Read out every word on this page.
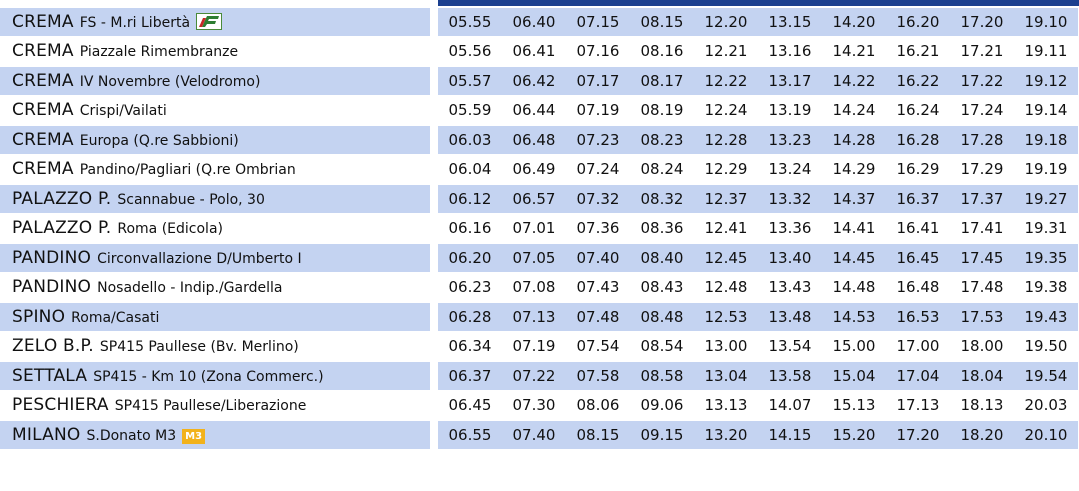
CREMA FS - M.ri Libertà		05.55	06.40	07.15	08.15	12.20	13.15	14.20	16.20	17.20	19.10
CREMA Piazzale Rimembranze		05.56	06.41	07.16	08.16	12.21	13.16	14.21	16.21	17.21	19.11
CREMA IV Novembre (Velodromo)		05.57	06.42	07.17	08.17	12.22	13.17	14.22	16.22	17.22	19.12
CREMA Crispi/Vailati		05.59	06.44	07.19	08.19	12.24	13.19	14.24	16.24	17.24	19.14
CREMA Europa (Q.re Sabbioni)		06.03	06.48	07.23	08.23	12.28	13.23	14.28	16.28	17.28	19.18
CREMA Pandino/Pagliari (Q.re Ombrian		06.04	06.49	07.24	08.24	12.29	13.24	14.29	16.29	17.29	19.19
PALAZZO P. Scannabue - Polo, 30		06.12	06.57	07.32	08.32	12.37	13.32	14.37	16.37	17.37	19.27
PALAZZO P. Roma (Edicola)		06.16	07.01	07.36	08.36	12.41	13.36	14.41	16.41	17.41	19.31
PANDINO Circonvallazione D/Umberto I		06.20	07.05	07.40	08.40	12.45	13.40	14.45	16.45	17.45	19.35
PANDINO Nosadello - Indip./Gardella		06.23	07.08	07.43	08.43	12.48	13.43	14.48	16.48	17.48	19.38
SPINO Roma/Casati		06.28	07.13	07.48	08.48	12.53	13.48	14.53	16.53	17.53	19.43
ZELO B.P. SP415 Paullese (Bv. Merlino)		06.34	07.19	07.54	08.54	13.00	13.54	15.00	17.00	18.00	19.50
SETTALA SP415 - Km 10 (Zona Commerc.)		06.37	07.22	07.58	08.58	13.04	13.58	15.04	17.04	18.04	19.54
PESCHIERA SP415 Paullese/Liberazione		06.45	07.30	08.06	09.06	13.13	14.07	15.13	17.13	18.13	20.03
MILANO S.Donato M3 M3		06.55	07.40	08.15	09.15	13.20	14.15	15.20	17.20	18.20	20.10
